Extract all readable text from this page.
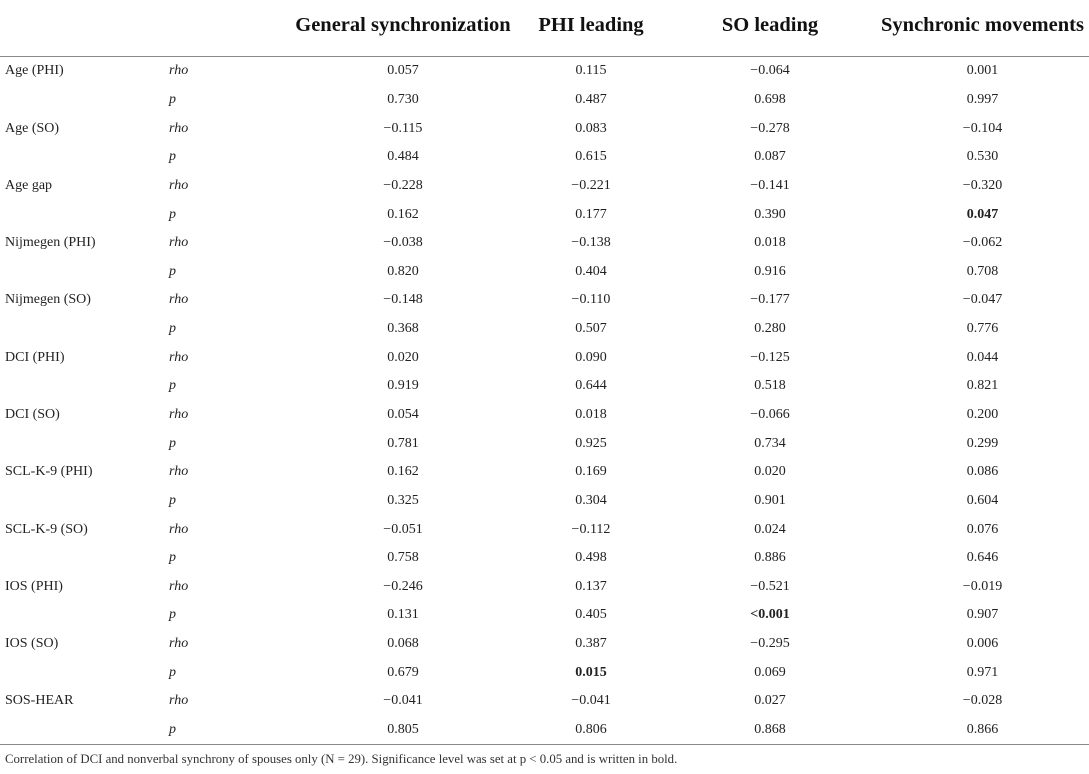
		General synchronization	PHI leading	SO leading	Synchronic movements
Age (PHI)	rho	0.057	0.115	−0.064	0.001
	p	0.730	0.487	0.698	0.997
Age (SO)	rho	−0.115	0.083	−0.278	−0.104
	p	0.484	0.615	0.087	0.530
Age gap	rho	−0.228	−0.221	−0.141	−0.320
	p	0.162	0.177	0.390	0.047
Nijmegen (PHI)	rho	−0.038	−0.138	0.018	−0.062
	p	0.820	0.404	0.916	0.708
Nijmegen (SO)	rho	−0.148	−0.110	−0.177	−0.047
	p	0.368	0.507	0.280	0.776
DCI (PHI)	rho	0.020	0.090	−0.125	0.044
	p	0.919	0.644	0.518	0.821
DCI (SO)	rho	0.054	0.018	−0.066	0.200
	p	0.781	0.925	0.734	0.299
SCL-K-9 (PHI)	rho	0.162	0.169	0.020	0.086
	p	0.325	0.304	0.901	0.604
SCL-K-9 (SO)	rho	−0.051	−0.112	0.024	0.076
	p	0.758	0.498	0.886	0.646
IOS (PHI)	rho	−0.246	0.137	−0.521	−0.019
	p	0.131	0.405	<0.001	0.907
IOS (SO)	rho	0.068	0.387	−0.295	0.006
	p	0.679	0.015	0.069	0.971
SOS-HEAR	rho	−0.041	−0.041	0.027	−0.028
	p	0.805	0.806	0.868	0.866
Correlation of DCI and nonverbal synchrony of spouses only (N = 29). Significance level was set at p < 0.05 and is written in bold.
